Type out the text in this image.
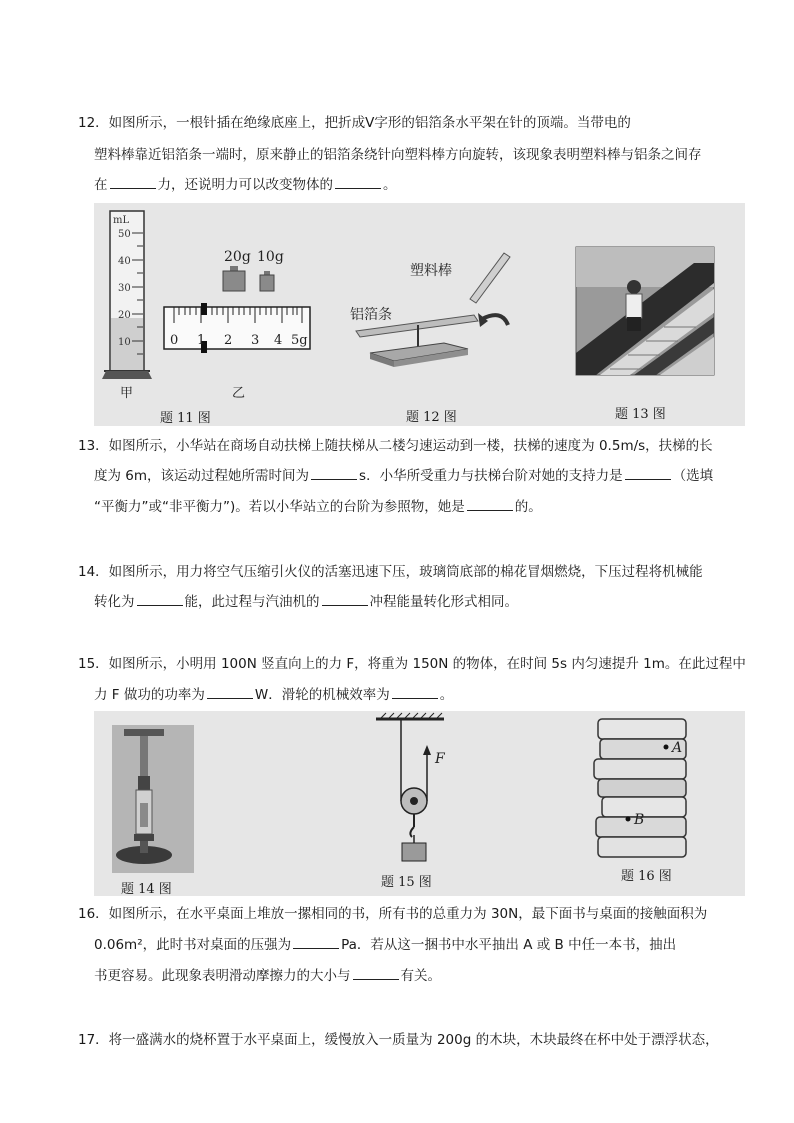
12．如图所示，一根针插在绝缘底座上，把折成V字形的铝箔条水平架在针的顶端。当带电的
塑料棒靠近铝箔条一端时，原来静止的铝箔条绕针向塑料棒方向旋转，该现象表明塑料棒与铝条之间存
在	力，还说明力可以改变物体的	。
mL
50
40
30
20
10
甲
20g 10g
0 1 2 3 4 5g
乙
塑料棒
铝箔条
题 11 图	题 12 图	题 13 图
13．如图所示，小华站在商场自动扶梯上随扶梯从二楼匀速运动到一楼，扶梯的速度为 0.5m/s，扶梯的长
度为 6m，该运动过程她所需时间为	s．小华所受重力与扶梯台阶对她的支持力是	（选填
“平衡力”或“非平衡力”)。若以小华站立的台阶为参照物，她是	的。
14．如图所示，用力将空气压缩引火仪的活塞迅速下压，玻璃筒底部的棉花冒烟燃烧，下压过程将机械能
转化为	能，此过程与汽油机的	冲程能量转化形式相同。
15．如图所示，小明用 100N 竖直向上的力 F，将重为 150N 的物体，在时间 5s 内匀速提升 1m。在此过程中
力 F 做功的功率为	W．滑轮的机械效率为	。
F
A
B
题 14 图	题 15 图	题 16 图
16．如图所示，在水平桌面上堆放一摞相同的书，所有书的总重力为 30N，最下面书与桌面的接触面积为
0.06m²，此时书对桌面的压强为	Pa．若从这一捆书中水平抽出 A 或 B 中任一本书，抽出
书更容易。此现象表明滑动摩擦力的大小与	有关。
17．将一盛满水的烧杯置于水平桌面上，缓慢放入一质量为 200g 的木块，木块最终在杯中处于漂浮状态，
